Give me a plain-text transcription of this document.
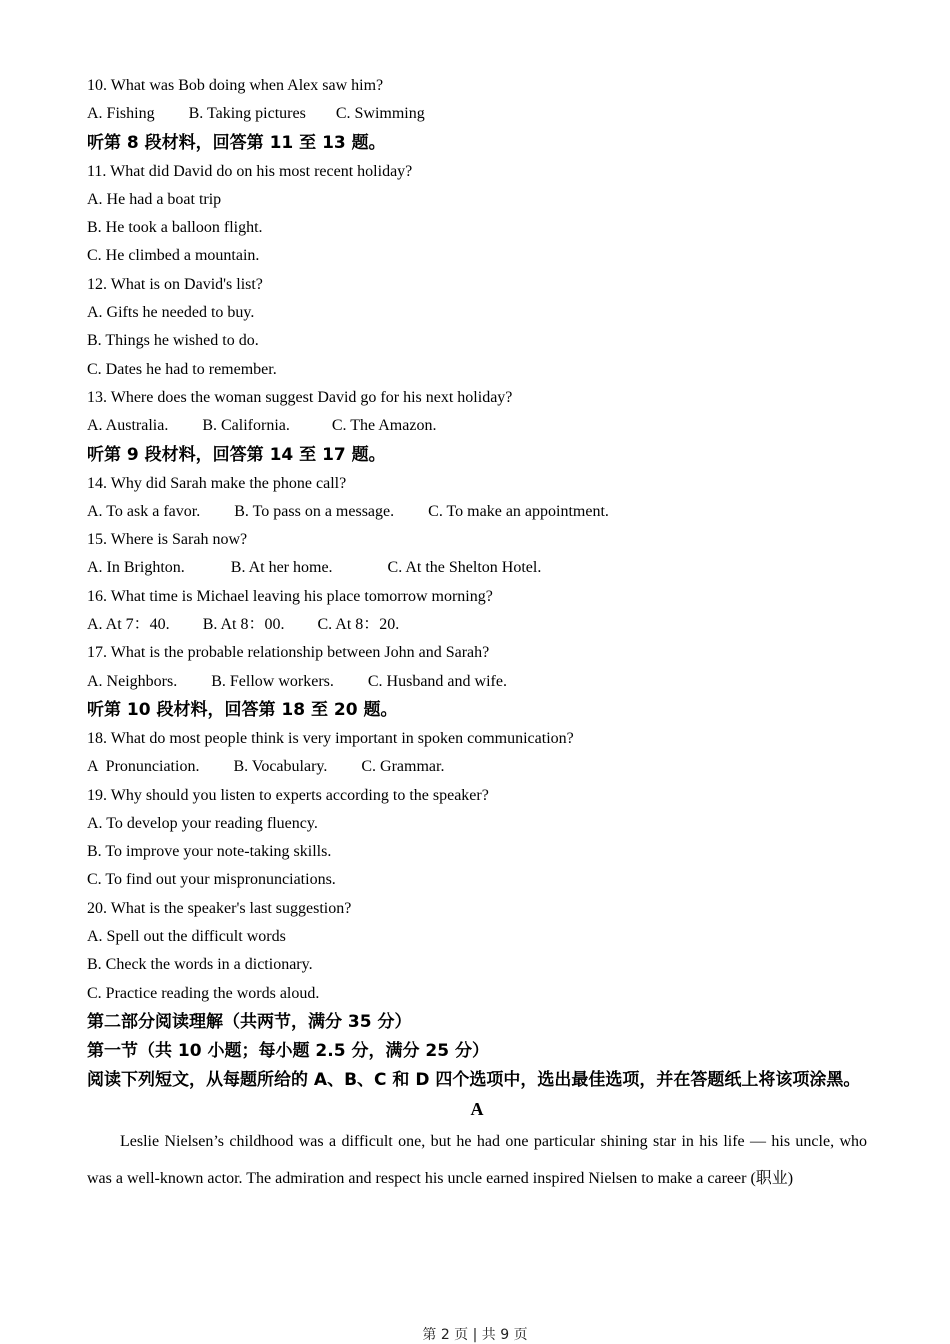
10. What was Bob doing when Alex saw him?
A. Fishing B. Taking pictures C. Swimming
听第 8 段材料，回答第 11 至 13 题。
11. What did David do on his most recent holiday?
A. He had a boat trip
B. He took a balloon flight.
C. He climbed a mountain.
12. What is on David's list?
A. Gifts he needed to buy.
B. Things he wished to do.
C. Dates he had to remember.
13. Where does the woman suggest David go for his next holiday?
A. Australia. B. California.	C. The Amazon.
听第 9 段材料，回答第 14 至 17 题。
14. Why did Sarah make the phone call?
A. To ask a favor. B. To pass on a message. C. To make an appointment.
15. Where is Sarah now?
A. In Brighton.	B. At her home.	C. At the Shelton Hotel.
16. What time is Michael leaving his place tomorrow morning?
A. At 7：40. B. At 8：00. C. At 8：20.
17. What is the probable relationship between John and Sarah?
A. Neighbors. B. Fellow workers. C. Husband and wife.
听第 10 段材料，回答第 18 至 20 题。
18. What do most people think is very important in spoken communication?
A  Pronunciation. B. Vocabulary. C. Grammar.
19. Why should you listen to experts according to the speaker?
A. To develop your reading fluency.
B. To improve your note-taking skills.
C. To find out your mispronunciations.
20. What is the speaker's last suggestion?
A. Spell out the difficult words
B. Check the words in a dictionary.
C. Practice reading the words aloud.
第二部分阅读理解（共两节，满分 35 分）
第一节（共 10 小题；每小题 2.5 分，满分 25 分）
阅读下列短文，从每题所给的 A、B、C 和 D 四个选项中，选出最佳选项，并在答题纸上将该项涂黑。
A

Leslie Nielsen’s childhood was a difficult one, but he had one particular shining star in his life — his uncle, who was a well-known actor. The admiration and respect his uncle earned inspired Nielsen to make a career (职业)

第 2 页 | 共 9 页
